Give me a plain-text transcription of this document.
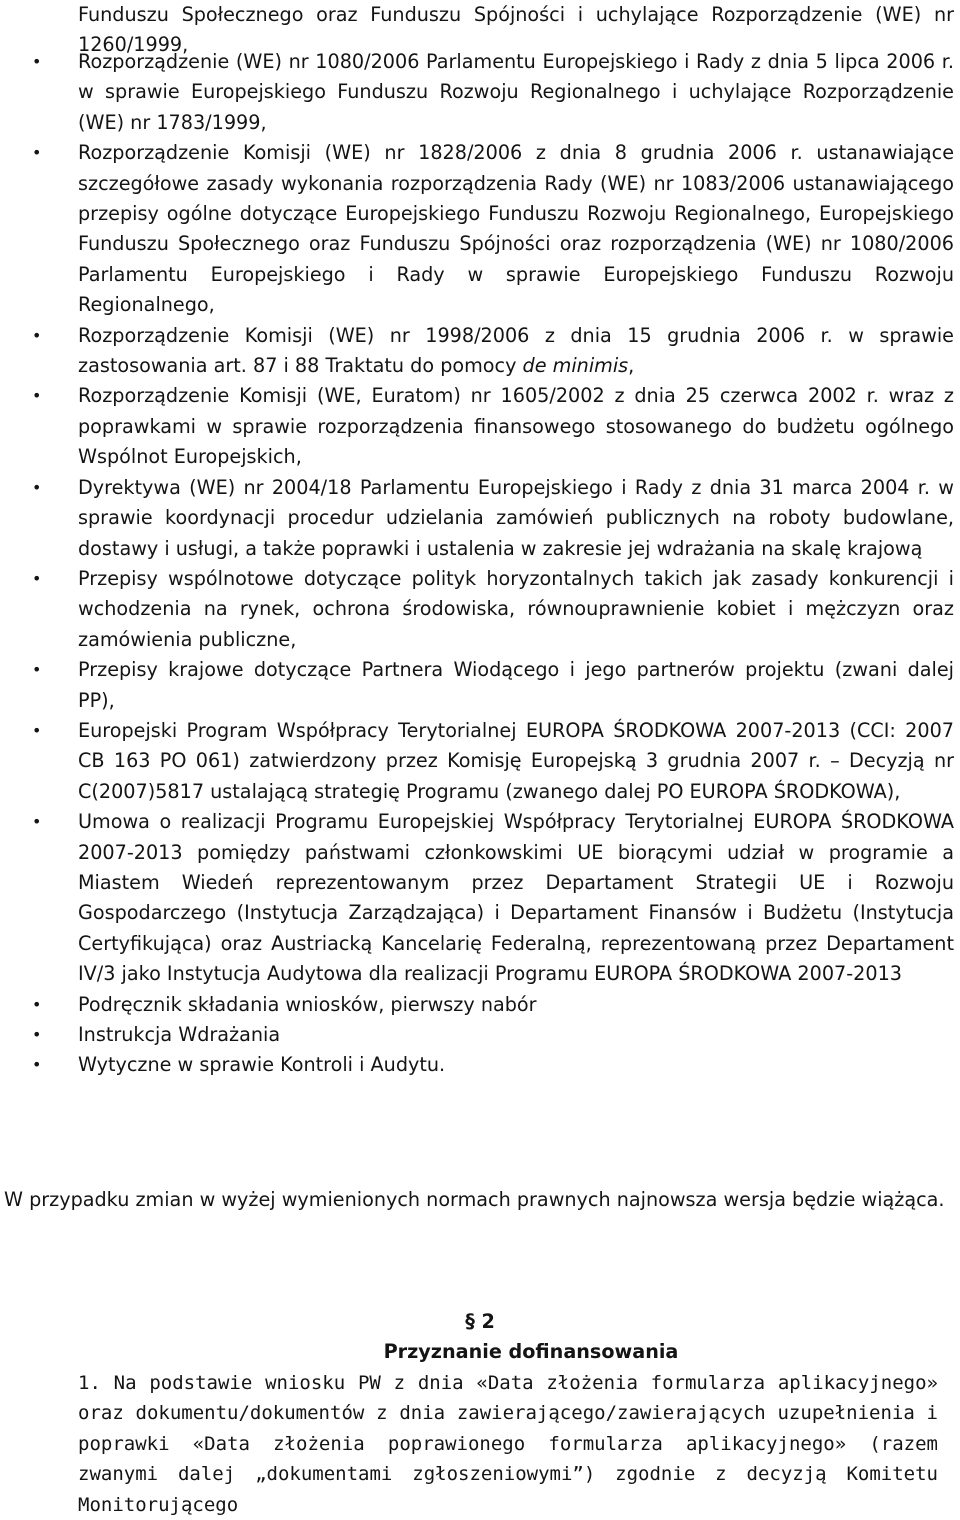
Funduszu Społecznego oraz Funduszu Spójności i uchylające Rozporządzenie (WE) nr
1260/1999,
• Rozporządzenie (WE) nr 1080/2006 Parlamentu Europejskiego i Rady z dnia 5 lipca 2006 r. w sprawie Europejskiego Funduszu Rozwoju Regionalnego i uchylające Rozporządzenie (WE) nr 1783/1999,
• Rozporządzenie Komisji (WE) nr 1828/2006 z dnia 8 grudnia 2006 r. ustanawiające szczegółowe zasady wykonania rozporządzenia Rady (WE) nr 1083/2006 ustanawiającego przepisy ogólne dotyczące Europejskiego Funduszu Rozwoju Regionalnego, Europejskiego Funduszu Społecznego oraz Funduszu Spójności oraz rozporządzenia (WE) nr 1080/2006 Parlamentu Europejskiego i Rady w sprawie Europejskiego Funduszu Rozwoju Regionalnego,
• Rozporządzenie Komisji (WE) nr 1998/2006 z dnia 15 grudnia 2006 r. w sprawie zastosowania art. 87 i 88 Traktatu do pomocy de minimis,
• Rozporządzenie Komisji (WE, Euratom) nr 1605/2002 z dnia 25 czerwca 2002 r. wraz z poprawkami w sprawie rozporządzenia finansowego stosowanego do budżetu ogólnego Wspólnot Europejskich,
• Dyrektywa (WE) nr 2004/18 Parlamentu Europejskiego i Rady z dnia 31 marca 2004 r. w sprawie koordynacji procedur udzielania zamówień publicznych na roboty budowlane, dostawy i usługi, a także poprawki i ustalenia w zakresie jej wdrażania na skalę krajową
• Przepisy wspólnotowe dotyczące polityk horyzontalnych takich jak zasady konkurencji i wchodzenia na rynek, ochrona środowiska, równouprawnienie kobiet i mężczyzn oraz zamówienia publiczne,
• Przepisy krajowe dotyczące Partnera Wiodącego i jego partnerów projektu (zwani dalej PP),
• Europejski Program Współpracy Terytorialnej EUROPA ŚRODKOWA 2007-2013 (CCI: 2007 CB 163 PO 061) zatwierdzony przez Komisję Europejską 3 grudnia 2007 r. – Decyzją nr C(2007)5817 ustalającą strategię Programu (zwanego dalej PO EUROPA ŚRODKOWA),
• Umowa o realizacji Programu Europejskiej Współpracy Terytorialnej EUROPA ŚRODKOWA 2007-2013 pomiędzy państwami członkowskimi UE biorącymi udział w programie a Miastem Wiedeń reprezentowanym przez Departament Strategii UE i Rozwoju Gospodarczego (Instytucja Zarządzająca) i Departament Finansów i Budżetu (Instytucja Certyfikująca) oraz Austriacką Kancelarię Federalną, reprezentowaną przez Departament IV/3 jako Instytucja Audytowa dla realizacji Programu EUROPA ŚRODKOWA 2007-2013
• Podręcznik składania wniosków, pierwszy nabór
• Instrukcja Wdrażania
• Wytyczne w sprawie Kontroli i Audytu.
W przypadku zmian w wyżej wymienionych normach prawnych najnowsza wersja będzie wiążąca.
§ 2
Przyznanie dofinansowania
1. Na podstawie wniosku PW z dnia «Data złożenia formularza aplikacyjnego» oraz dokumentu/dokumentów z dnia zawierającego/zawierających uzupełnienia i poprawki «Data złożenia poprawionego formularza aplikacyjnego» (razem zwanymi dalej „dokumentami zgłoszeniowymi”) zgodnie z decyzją Komitetu Monitorującego
